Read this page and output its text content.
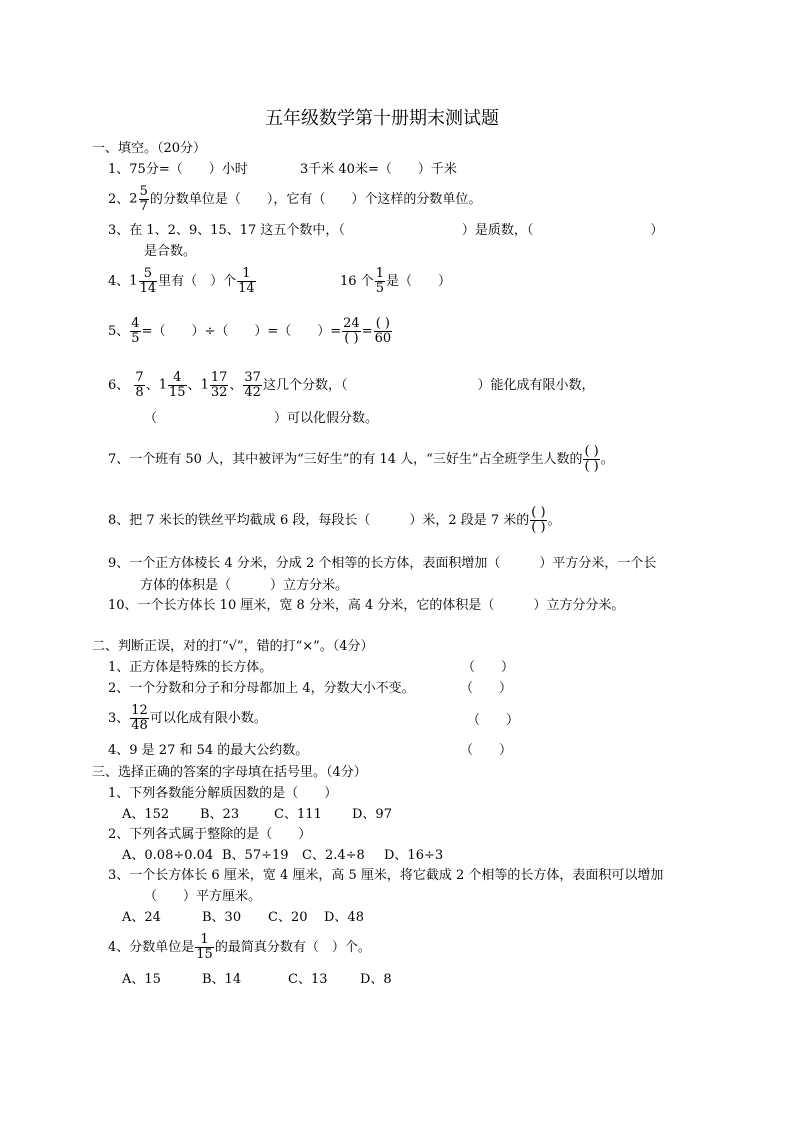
五年级数学第十册期末测试题
一、填空。（20分）
1、75分=（　　）小时	3千米 40米=（　　）千米
2、$2 \frac{5}{7}$ 的分数单位是（　　），它有（　　）个这样的分数单位。
3、在 1、2、9、15、17 这五个数中，（　　　　　　　　　）是质数，（　　　　　　　　　）
是合数。
4、$1 \frac{5}{14}$ 里有（　）个 $\frac{1}{14}$	16 个 $\frac{1}{5}$ 是（　　）
5、 $\frac{4}{5}$ =（　　）÷（　　）=（　　）= $\frac{24}{( )} = \frac{( )}{60}$
6、 $\frac{7}{8}$ 、$1 \frac{4}{15}$ 、$1 \frac{17}{32}$ 、 $\frac{37}{42}$ 这几个分数，（　　　　　　　　　　）能化成有限小数，
（　　　　　　　　　）可以化假分数。
7、一个班有 50 人，其中被评为“三好生”的有 14 人，“三好生”占全班学生人数的 $\frac{( )}{( )}$ 。
8、把 7 米长的铁丝平均截成 6 段，每段长（　　　）米，2 段是 7 米的 $\frac{( )}{( )}$ 。
9、一个正方体棱长 4 分米，分成 2 个相等的长方体，表面积增加（　　　）平方分米，一个长
方体的体积是（　　　）立方分米。
10、一个长方体长 10 厘米，宽 8 分米，高 4 分米，它的体积是（　　　）立方分分米。
二、判断正误，对的打“√”，错的打“×”。（4分）
1、正方体是特殊的长方体。	（　　）
2、一个分数和分子和分母都加上 4，分数大小不变。	（　　）
3、 $\frac{12}{48}$ 可以化成有限小数。	（　　）
4、9 是 27 和 54 的最大公约数。	（　　）
三、选择正确的答案的字母填在括号里。（4分）
1、下列各数能分解质因数的是（　　）
A、152 B、23	C、111 D、97
2、下列各式属于整除的是（　　）
A、0.08÷0.04 B、57÷19 C、2.4÷8 D、16÷3
3、一个长方体长 6 厘米，宽 4 厘米，高 5 厘米，将它截成 2 个相等的长方体，表面积可以增加
（　　）平方厘米。
A、24	B、30 C、20 D、48
4、分数单位是 $\frac{1}{15}$ 的最简真分数有（　）个。
A、15	B、14	C、13	D、8
